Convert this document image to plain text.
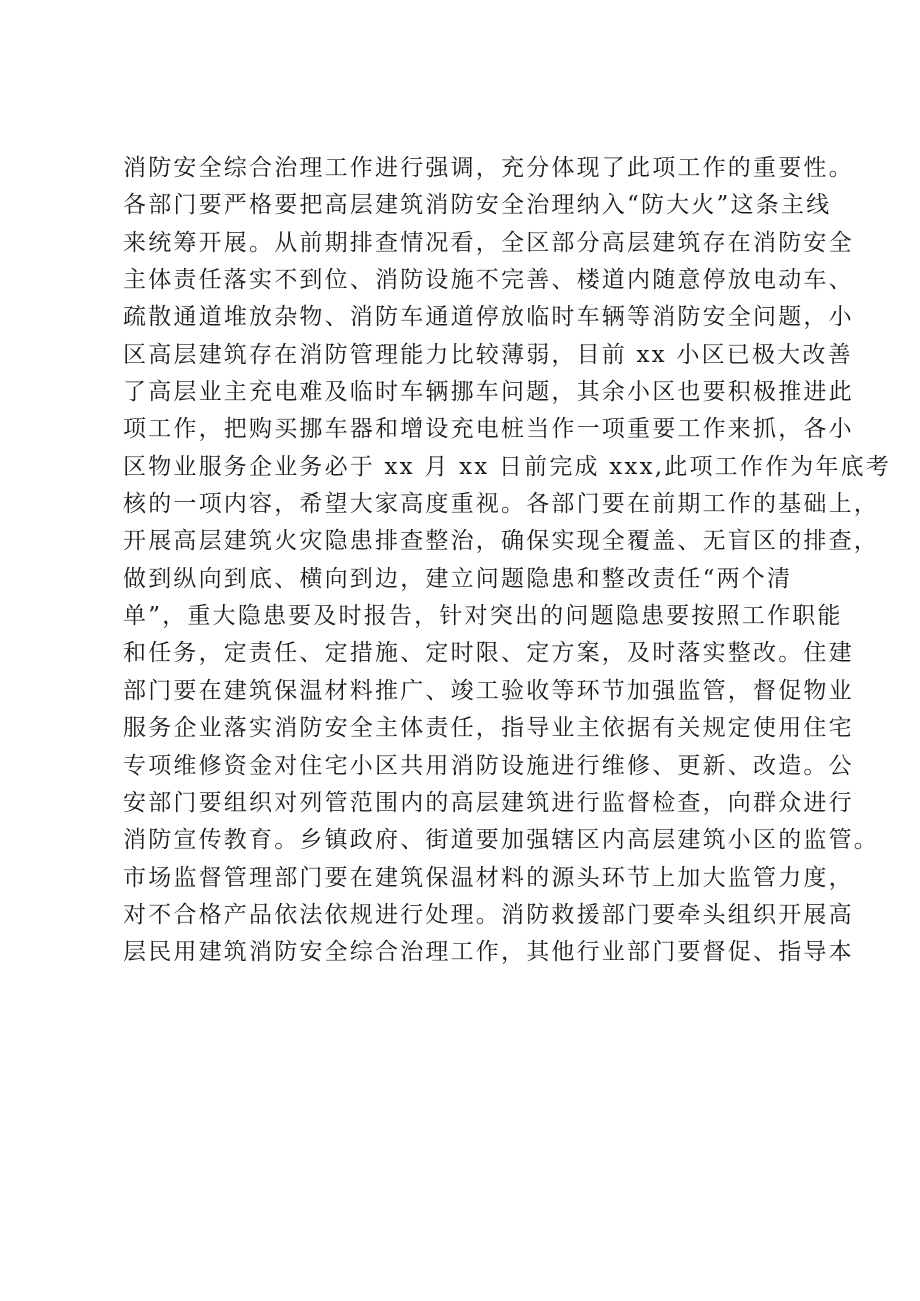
消防安全综合治理工作进行强调，充分体现了此项工作的重要性。
各部门要严格要把高层建筑消防安全治理纳入“防大火”这条主线
来统筹开展。从前期排查情况看，全区部分高层建筑存在消防安全
主体责任落实不到位、消防设施不完善、楼道内随意停放电动车、
疏散通道堆放杂物、消防车通道停放临时车辆等消防安全问题，小
区高层建筑存在消防管理能力比较薄弱，目前 xx 小区已极大改善
了高层业主充电难及临时车辆挪车问题，其余小区也要积极推进此
项工作，把购买挪车器和增设充电桩当作一项重要工作来抓，各小
区物业服务企业务必于 xx 月 xx 日前完成 xxx,此项工作作为年底考
核的一项内容，希望大家高度重视。各部门要在前期工作的基础上，
开展高层建筑火灾隐患排查整治，确保实现全覆盖、无盲区的排查，
做到纵向到底、横向到边，建立问题隐患和整改责任“两个清
单”，重大隐患要及时报告，针对突出的问题隐患要按照工作职能
和任务，定责任、定措施、定时限、定方案，及时落实整改。住建
部门要在建筑保温材料推广、竣工验收等环节加强监管，督促物业
服务企业落实消防安全主体责任，指导业主依据有关规定使用住宅
专项维修资金对住宅小区共用消防设施进行维修、更新、改造。公
安部门要组织对列管范围内的高层建筑进行监督检查，向群众进行
消防宣传教育。乡镇政府、街道要加强辖区内高层建筑小区的监管。
市场监督管理部门要在建筑保温材料的源头环节上加大监管力度，
对不合格产品依法依规进行处理。消防救援部门要牵头组织开展高
层民用建筑消防安全综合治理工作，其他行业部门要督促、指导本
